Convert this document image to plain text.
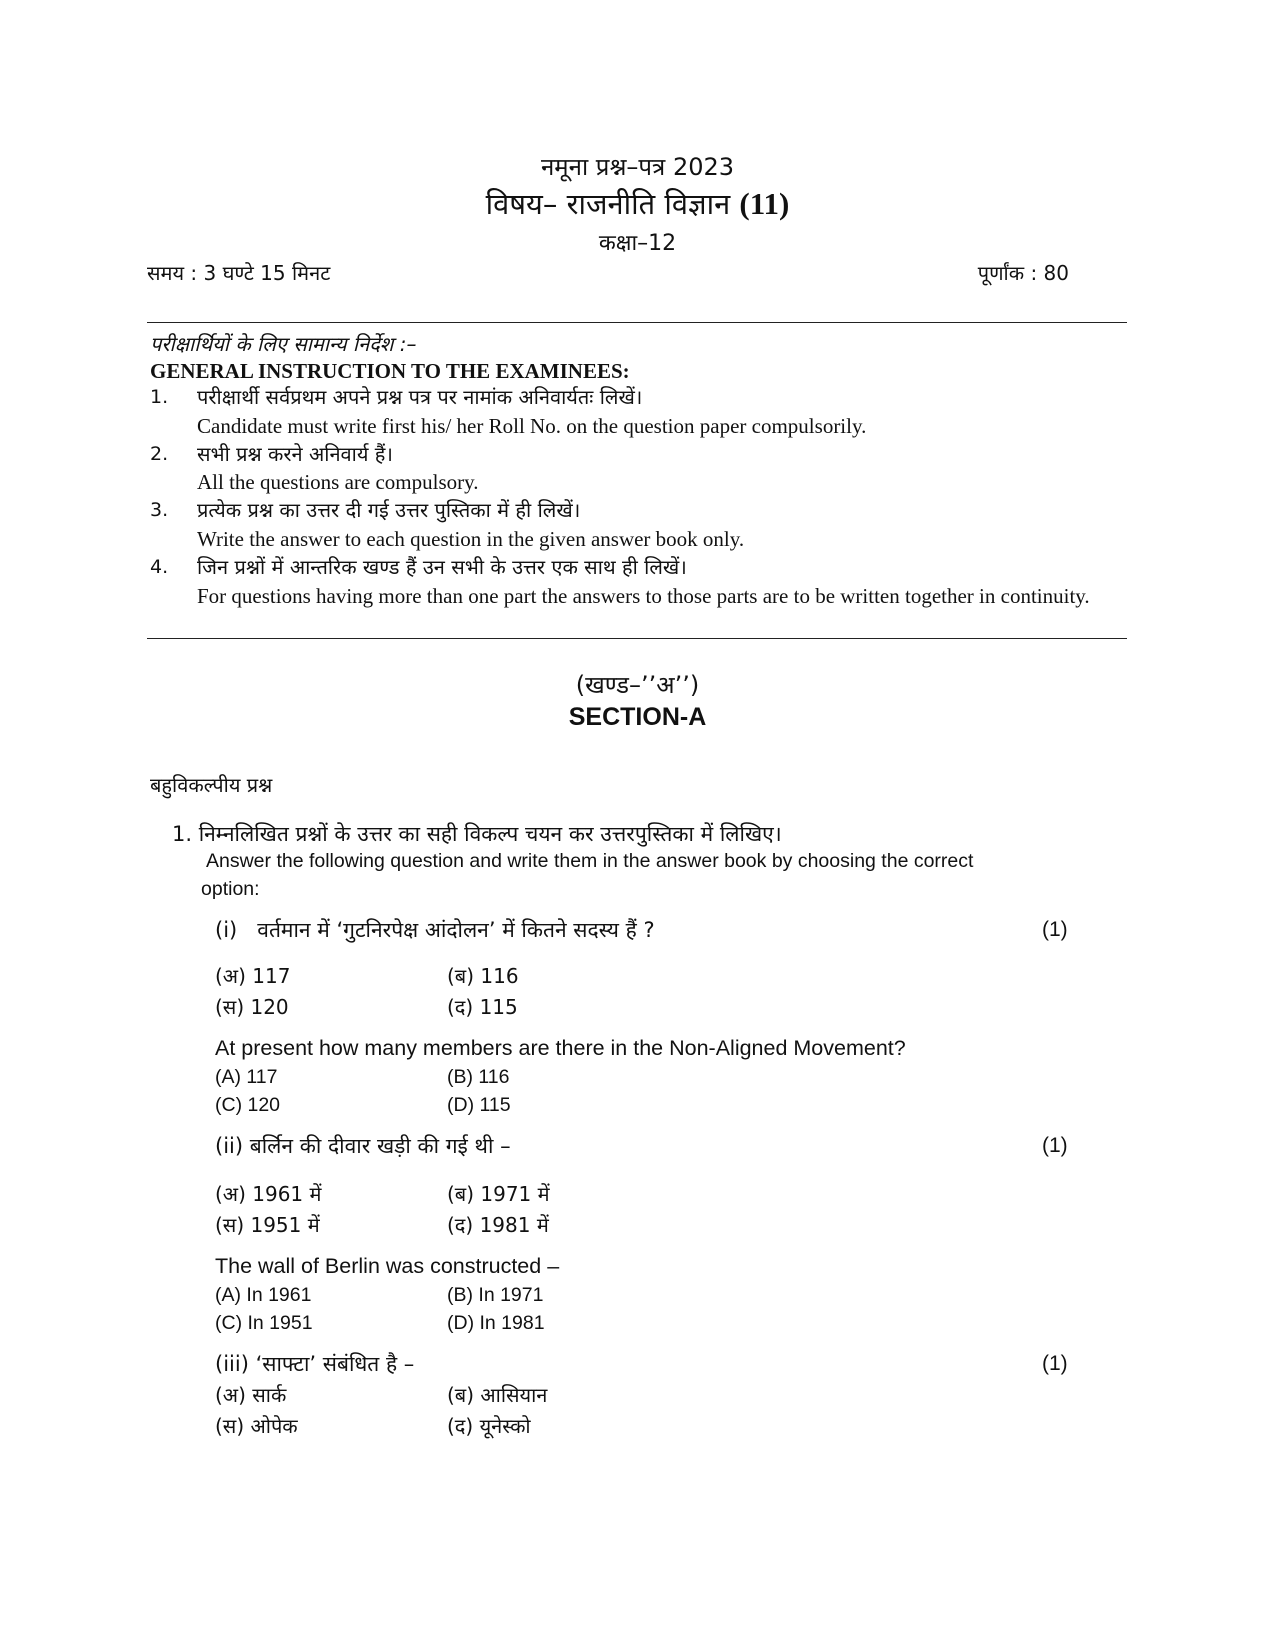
नमूना प्रश्न–पत्र 2023
विषय– राजनीति विज्ञान (11)
कक्षा–12
समय : 3 घण्टे 15 मिनट	पूर्णांक : 80
परीक्षार्थियों के लिए सामान्य निर्देश :–
GENERAL INSTRUCTION TO THE EXAMINEES:
1. परीक्षार्थी सर्वप्रथम अपने प्रश्न पत्र पर नामांक अनिवार्यतः लिखें।
Candidate must write first his/ her Roll No. on the question paper compulsorily.
2. सभी प्रश्न करने अनिवार्य हैं।
All the questions are compulsory.
3. प्रत्येक प्रश्न का उत्तर दी गई उत्तर पुस्तिका में ही लिखें।
Write the answer to each question in the given answer book only.
4. जिन प्रश्नों में आन्तरिक खण्ड हैं उन सभी के उत्तर एक साथ ही लिखें।
For questions having more than one part the answers to those parts are to be written together in continuity.
(खण्ड–’’अ’’)
SECTION-A
बहुविकल्पीय प्रश्न
1. निम्नलिखित प्रश्नों के उत्तर का सही विकल्प चयन कर उत्तरपुस्तिका में लिखिए।
Answer the following question and write them in the answer book by choosing the correct
option:
(i) वर्तमान में ‘गुटनिरपेक्ष आंदोलन’ में कितने सदस्य हैं ?	(1)
(अ) 117	(ब) 116
(स) 120	(द) 115
At present how many members are there in the Non-Aligned Movement?
(A) 117	(B) 116
(C) 120	(D) 115
(ii) बर्लिन की दीवार खड़ी की गई थी –	(1)
(अ) 1961 में	(ब) 1971 में
(स) 1951 में	(द) 1981 में
The wall of Berlin was constructed –
(A) In 1961	(B) In 1971
(C) In 1951	(D) In 1981
(iii) ‘साफ्टा’ संबंधित है –	(1)
(अ) सार्क	(ब) आसियान
(स) ओपेक	(द) यूनेस्को
